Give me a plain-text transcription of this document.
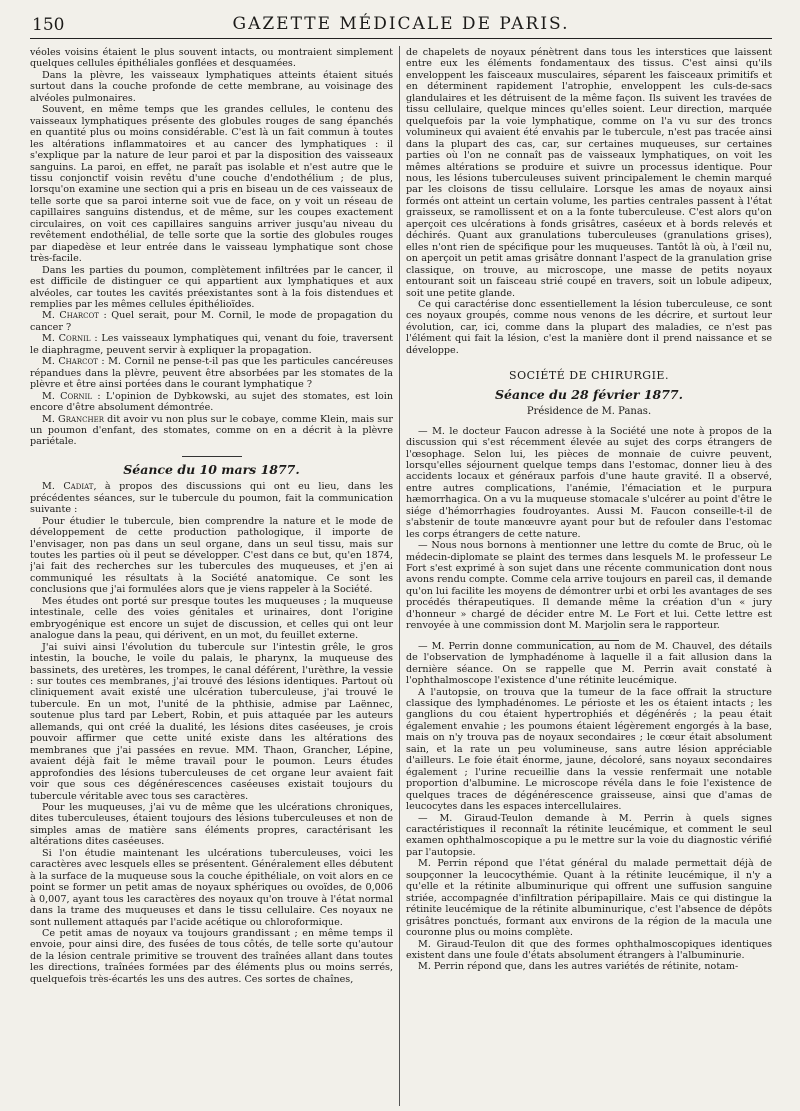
150	GAZETTE MÉDICALE DE PARIS.

véoles voisins étaient le plus souvent intacts, ou montraient simplement quelques cellules épithéliales gonflées et desquamées.

Dans la plèvre, les vaisseaux lymphatiques atteints étaient situés surtout dans la couche profonde de cette membrane, au voisinage des alvéoles pulmonaires.

Souvent, en même temps que les grandes cellules, le contenu des vaisseaux lymphatiques présente des globules rouges de sang épanchés en quantité plus ou moins considérable. C'est là un fait commun à toutes les altérations inflammatoires et au cancer des lymphatiques : il s'explique par la nature de leur paroi et par la disposition des vaisseaux sanguins. La paroi, en effet, ne paraît pas isolable et n'est autre que le tissu conjonctif voisin revêtu d'une couche d'endothélium ; de plus, lorsqu'on examine une section qui a pris en biseau un de ces vaisseaux de telle sorte que sa paroi interne soit vue de face, on y voit un réseau de capillaires sanguins distendus, et de même, sur les coupes exactement circulaires, on voit ces capillaires sanguins arriver jusqu'au niveau du revêtement endothélial, de telle sorte que la sortie des globules rouges par diapedèse et leur entrée dans le vaisseau lymphatique sont chose très-facile.

Dans les parties du poumon, complètement infiltrées par le cancer, il est difficile de distinguer ce qui appartient aux lymphatiques et aux alvéoles, car toutes les cavités préexistantes sont à la fois distendues et remplies par les mêmes cellules épithélioïdes.

M. Charcot : Quel serait, pour M. Cornil, le mode de propagation du cancer ?

M. Cornil : Les vaisseaux lymphatiques qui, venant du foie, traversent le diaphragme, peuvent servir à expliquer la propagation.

M. Charcot : M. Cornil ne pense-t-il pas que les particules cancéreuses répandues dans la plèvre, peuvent être absorbées par les stomates de la plèvre et être ainsi portées dans le courant lymphatique ?

M. Cornil : L'opinion de Dybkowski, au sujet des stomates, est loin encore d'être absolument démontrée.

M. Grancher dit avoir vu non plus sur le cobaye, comme Klein, mais sur un poumon d'enfant, des stomates, comme on en a décrit à la plèvre pariétale.

Séance du 10 mars 1877.

M. Cadiat, à propos des discussions qui ont eu lieu, dans les précédentes séances, sur le tubercule du poumon, fait la communication suivante :

Pour étudier le tubercule, bien comprendre la nature et le mode de développement de cette production pathologique, il importe de l'envisager, non pas dans un seul organe, dans un seul tissu, mais sur toutes les parties où il peut se développer. C'est dans ce but, qu'en 1874, j'ai fait des recherches sur les tubercules des muqueuses, et j'en ai communiqué les résultats à la Société anatomique. Ce sont les conclusions que j'ai formulées alors que je viens rappeler à la Société.

Mes études ont porté sur presque toutes les muqueuses ; la muqueuse intestinale, celle des voies génitales et urinaires, dont l'origine embryogénique est encore un sujet de discussion, et celles qui ont leur analogue dans la peau, qui dérivent, en un mot, du feuillet externe.

J'ai suivi ainsi l'évolution du tubercule sur l'intestin grêle, le gros intestin, la bouche, le voile du palais, le pharynx, la muqueuse des bassinets, des uretères, les trompes, le canal déférent, l'urèthre, la vessie : sur toutes ces membranes, j'ai trouvé des lésions identiques. Partout où cliniquement avait existé une ulcération tuberculeuse, j'ai trouvé le tubercule. En un mot, l'unité de la phthisie, admise par Laënnec, soutenue plus tard par Lebert, Robin, et puis attaquée par les auteurs allemands, qui ont créé la dualité, les lésions dites caséeuses, je crois pouvoir affirmer que cette unité existe dans les altérations des membranes que j'ai passées en revue. MM. Thaon, Grancher, Lépine, avaient déjà fait le même travail pour le poumon. Leurs études approfondies des lésions tuberculeuses de cet organe leur avaient fait voir que sous ces dégénérescences caséeuses existait toujours du tubercule véritable avec tous ses caractères.

Pour les muqueuses, j'ai vu de même que les ulcérations chroniques, dites tuberculeuses, étaient toujours des lésions tuberculeuses et non de simples amas de matière sans éléments propres, caractérisant les altérations dites caséeuses.

Si l'on étudie maintenant les ulcérations tuberculeuses, voici les caractères avec lesquels elles se présentent. Généralement elles débutent à la surface de la muqueuse sous la couche épithéliale, on voit alors en ce point se former un petit amas de noyaux sphériques ou ovoïdes, de 0,006 à 0,007, ayant tous les caractères des noyaux qu'on trouve à l'état normal dans la trame des muqueuses et dans le tissu cellulaire. Ces noyaux ne sont nullement attaqués par l'acide acétique ou chloroformique.

Ce petit amas de noyaux va toujours grandissant ; en même temps il envoie, pour ainsi dire, des fusées de tous côtés, de telle sorte qu'autour de la lésion centrale primitive se trouvent des traînées allant dans toutes les directions, traînées formées par des éléments plus ou moins serrés, quelquefois très-écartés les uns des autres. Ces sortes de chaînes,

de chapelets de noyaux pénètrent dans tous les interstices que laissent entre eux les éléments fondamentaux des tissus. C'est ainsi qu'ils enveloppent les faisceaux musculaires, séparent les faisceaux primitifs et en déterminent rapidement l'atrophie, enveloppent les culs-de-sacs glandulaires et les détruisent de la même façon. Ils suivent les travées de tissu cellulaire, quelque minces qu'elles soient. Leur direction, marquée quelquefois par la voie lymphatique, comme on l'a vu sur des troncs volumineux qui avaient été envahis par le tubercule, n'est pas tracée ainsi dans la plupart des cas, car, sur certaines muqueuses, sur certaines parties où l'on ne connaît pas de vaisseaux lymphatiques, on voit les mêmes altérations se produire et suivre un processus identique. Pour nous, les lésions tuberculeuses suivent principalement le chemin marqué par les cloisons de tissu cellulaire. Lorsque les amas de noyaux ainsi formés ont atteint un certain volume, les parties centrales passent à l'état graisseux, se ramollissent et on a la fonte tuberculeuse. C'est alors qu'on aperçoit ces ulcérations à fonds grisâtres, caséeux et à bords relevés et déchirés. Quant aux granulations tuberculeuses (granulations grises), elles n'ont rien de spécifique pour les muqueuses. Tantôt là où, à l'œil nu, on aperçoit un petit amas grisâtre donnant l'aspect de la granulation grise classique, on trouve, au microscope, une masse de petits noyaux entourant soit un faisceau strié coupé en travers, soit un lobule adipeux, soit une petite glande.

Ce qui caractérise donc essentiellement la lésion tuberculeuse, ce sont ces noyaux groupés, comme nous venons de les décrire, et surtout leur évolution, car, ici, comme dans la plupart des maladies, ce n'est pas l'élément qui fait la lésion, c'est la manière dont il prend naissance et se développe.

SOCIÉTÉ DE CHIRURGIE.
Séance du 28 février 1877.
Présidence de M. Panas.

— M. le docteur Faucon adresse à la Société une note à propos de la discussion qui s'est récemment élevée au sujet des corps étrangers de l'œsophage. Selon lui, les pièces de monnaie de cuivre peuvent, lorsqu'elles séjournent quelque temps dans l'estomac, donner lieu à des accidents locaux et généraux parfois d'une haute gravité. Il a observé, entre autres complications, l'anémie, l'émaciation et le purpura hæmorrhagica. On a vu la muqueuse stomacale s'ulcérer au point d'être le siége d'hémorrhagies foudroyantes. Aussi M. Faucon conseille-t-il de s'abstenir de toute manœuvre ayant pour but de refouler dans l'estomac les corps étrangers de cette nature.

— Nous nous bornons à mentionner une lettre du comte de Bruc, où le médecin-diplomate se plaint des termes dans lesquels M. le professeur Le Fort s'est exprimé à son sujet dans une récente communication dont nous avons rendu compte. Comme cela arrive toujours en pareil cas, il demande qu'on lui facilite les moyens de démontrer urbi et orbi les avantages de ses procédés thérapeutiques. Il demande même la création d'un « jury d'honneur » chargé de décider entre M. Le Fort et lui. Cette lettre est renvoyée à une commission dont M. Marjolin sera le rapporteur.

— M. Perrin donne communication, au nom de M. Chauvel, des détails de l'observation de lymphadénome à laquelle il a fait allusion dans la dernière séance. On se rappelle que M. Perrin avait constaté à l'ophthalmoscope l'existence d'une rétinite leucémique.

A l'autopsie, on trouva que la tumeur de la face offrait la structure classique des lymphadénomes. Le périoste et les os étaient intacts ; les ganglions du cou étaient hypertrophiés et dégénérés ; la peau était également envahie ; les poumons étaient légèrement engorgés à la base, mais on n'y trouva pas de noyaux secondaires ; le cœur était absolument sain, et la rate un peu volumineuse, sans autre lésion appréciable d'ailleurs. Le foie était énorme, jaune, décoloré, sans noyaux secondaires également ; l'urine recueillie dans la vessie renfermait une notable proportion d'albumine. Le microscope révéla dans le foie l'existence de quelques traces de dégénérescence graisseuse, ainsi que d'amas de leucocytes dans les espaces intercellulaires.

— M. Giraud-Teulon demande à M. Perrin à quels signes caractéristiques il reconnaît la rétinite leucémique, et comment le seul examen ophthalmoscopique a pu le mettre sur la voie du diagnostic vérifié par l'autopsie.

M. Perrin répond que l'état général du malade permettait déjà de soupçonner la leucocythémie. Quant à la rétinite leucémique, il n'y a qu'elle et la rétinite albuminurique qui offrent une suffusion sanguine striée, accompagnée d'infiltration péripapillaire. Mais ce qui distingue la rétinite leucémique de la rétinite albuminurique, c'est l'absence de dépôts grisâtres ponctués, formant aux environs de la région de la macula une couronne plus ou moins complète.

M. Giraud-Teulon dit que des formes ophthalmoscopiques identiques existent dans une foule d'états absolument étrangers à l'albuminurie.

M. Perrin répond que, dans les autres variétés de rétinite, notam-
